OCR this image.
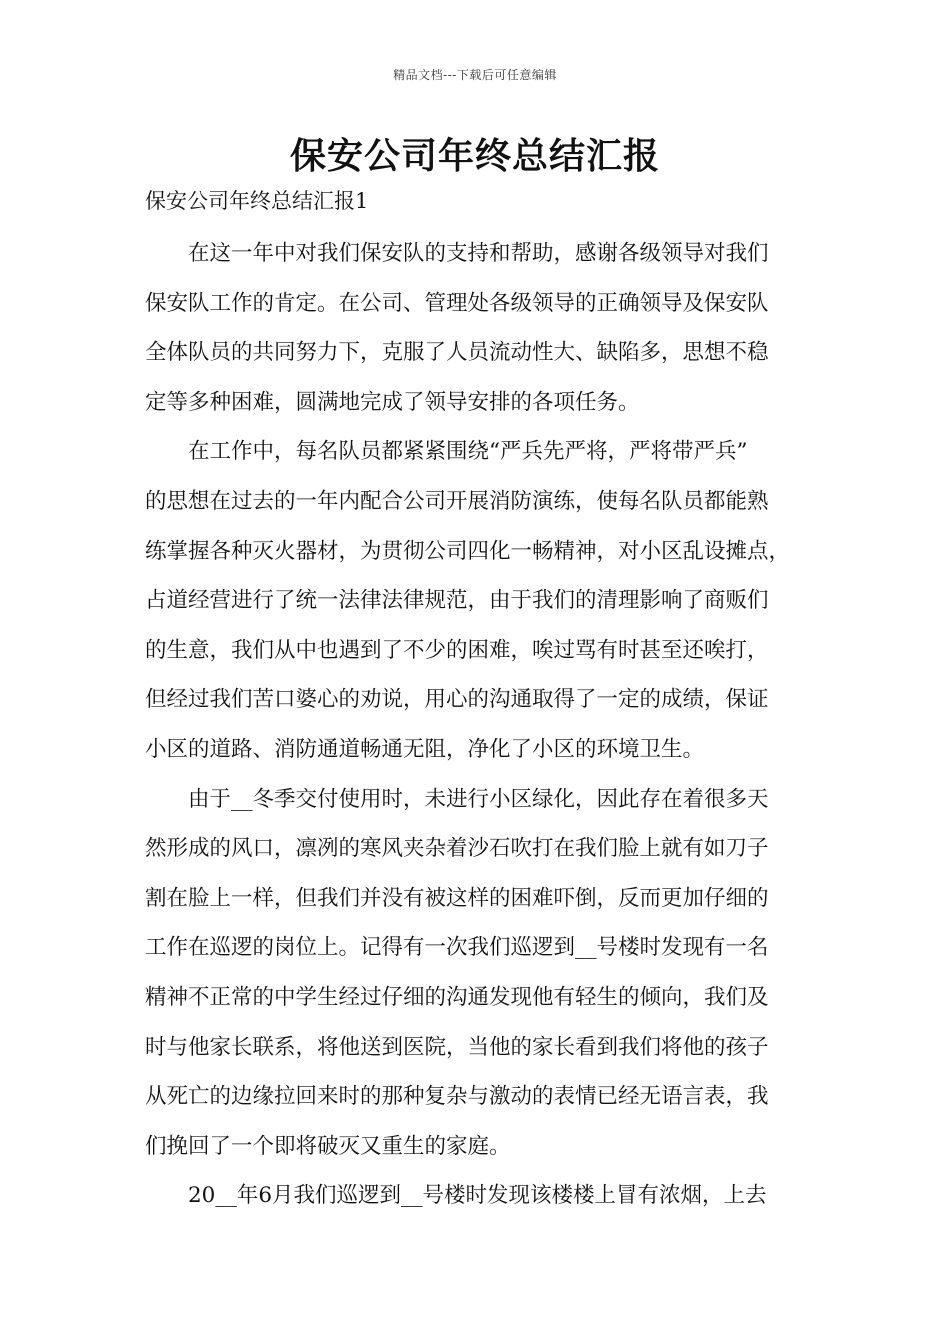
精品文档---下载后可任意编辑
保安公司年终总结汇报
保安公司年终总结汇报1
在这一年中对我们保安队的支持和帮助，感谢各级领导对我们
保安队工作的肯定。在公司、管理处各级领导的正确领导及保安队
全体队员的共同努力下，克服了人员流动性大、缺陷多，思想不稳
定等多种困难，圆满地完成了领导安排的各项任务。
在工作中，每名队员都紧紧围绕“严兵先严将，严将带严兵”
的思想在过去的一年内配合公司开展消防演练，使每名队员都能熟
练掌握各种灭火器材，为贯彻公司四化一畅精神，对小区乱设摊点，
占道经营进行了统一法律法律规范，由于我们的清理影响了商贩们
的生意，我们从中也遇到了不少的困难，唉过骂有时甚至还唉打，
但经过我们苦口婆心的劝说，用心的沟通取得了一定的成绩，保证
小区的道路、消防通道畅通无阻，净化了小区的环境卫生。
由于__冬季交付使用时，未进行小区绿化，因此存在着很多天
然形成的风口，凛冽的寒风夹杂着沙石吹打在我们脸上就有如刀子
割在脸上一样，但我们并没有被这样的困难吓倒，反而更加仔细的
工作在巡逻的岗位上。记得有一次我们巡逻到__号楼时发现有一名
精神不正常的中学生经过仔细的沟通发现他有轻生的倾向，我们及
时与他家长联系，将他送到医院，当他的家长看到我们将他的孩子
从死亡的边缘拉回来时的那种复杂与激动的表情已经无语言表，我
们挽回了一个即将破灭又重生的家庭。
20__年6月我们巡逻到__号楼时发现该楼楼上冒有浓烟，上去
